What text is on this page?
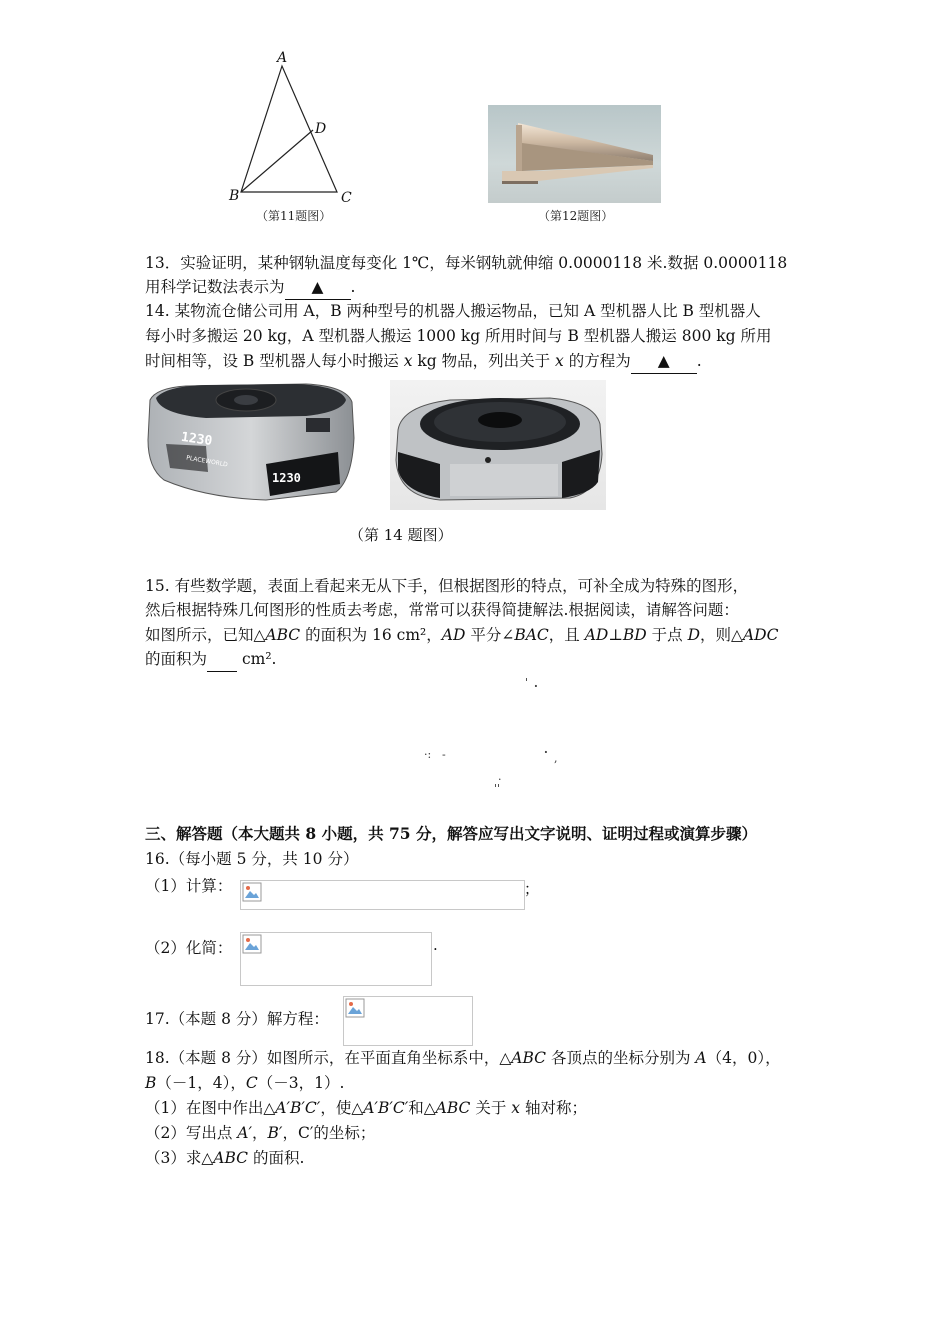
A
B	C
D
（第11题图）	（第12题图）
13．实验证明，某种钢轨温度每变化 1℃，每米钢轨就伸缩 0.0000118 米.数据 0.0000118
用科学记数法表示为 ▲ .
14. 某物流仓储公司用 A，B 两种型号的机器人搬运物品，已知 A 型机器人比 B 型机器人
每小时多搬运 20 kg，A 型机器人搬运 1000 kg 所用时间与 B 型机器人搬运 800 kg 所用
时间相等，设 B 型机器人每小时搬运 x kg 物品，列出关于 x 的方程为 ▲ .
1230
PLACEWORLD
1230
（第 14 题图）
15. 有些数学题，表面上看起来无从下手，但根据图形的特点，可补全成为特殊的图形，
然后根据特殊几何图形的性质去考虑，常常可以获得简捷解法.根据阅读，请解答问题：
如图所示，已知△ABC 的面积为 16 cm²，AD 平分∠BAC，且 AD⊥BD 于点 D，则△ADC
的面积为  cm².
' ·
·: -	· ,
.
''
三、解答题（本大题共 8 小题，共 75 分，解答应写出文字说明、证明过程或演算步骤）
16.（每小题 5 分，共 10 分）
（1）计算：	；
（2）化简：	.
17.（本题 8 分）解方程：
18.（本题 8 分）如图所示，在平面直角坐标系中，△ABC 各顶点的坐标分别为 A（4，0），
B（－1，4），C（－3，1）.
（1）在图中作出△A′B′C′，使△A′B′C′和△ABC 关于 x 轴对称；
（2）写出点 A′，B′，C′的坐标；
（3）求△ABC 的面积.
